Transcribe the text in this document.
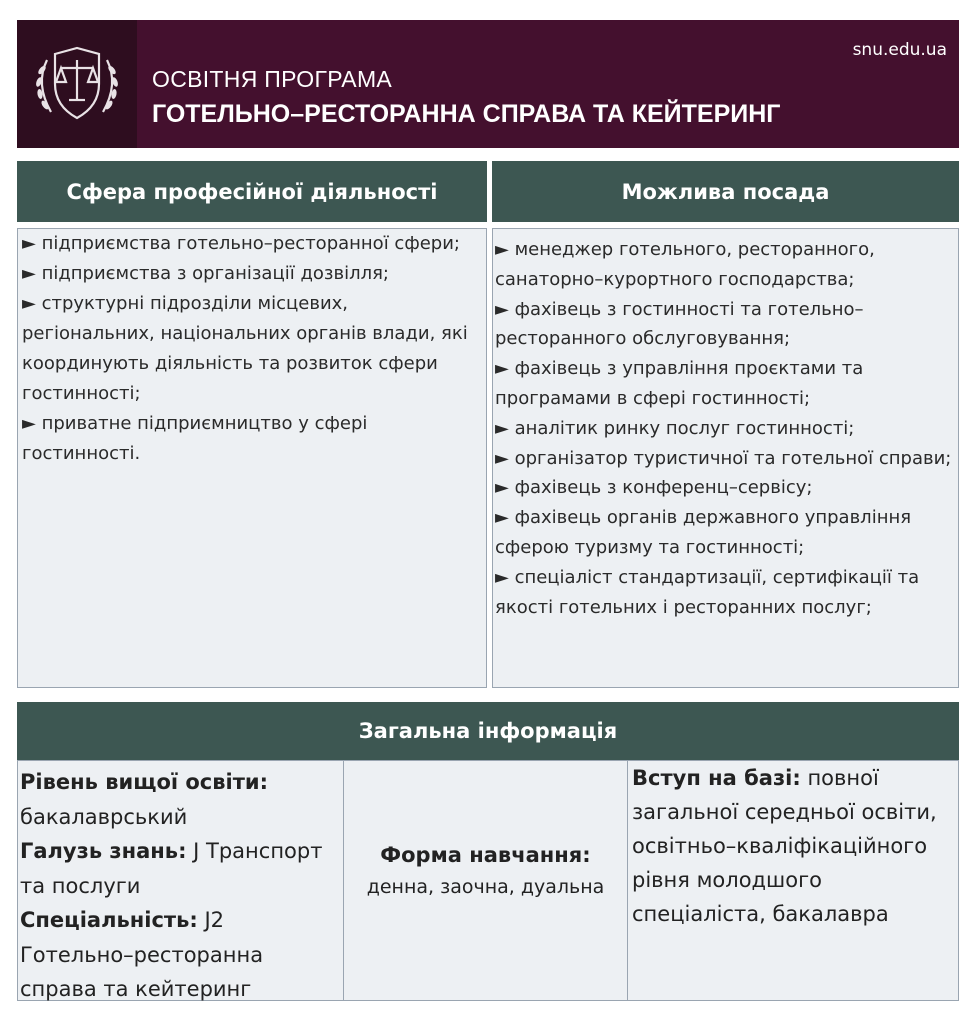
snu.edu.ua
ОСВІТНЯ ПРОГРАМА
ГОТЕЛЬНО–РЕСТОРАННА СПРАВА ТА КЕЙТЕРИНГ
Сфера професійної діяльності	Можлива посада
► підприємства готельно–ресторанної сфери;
► підприємства з організації дозвілля;
► структурні підрозділи місцевих, регіональних, національних органів влади, які координують діяльність та розвиток сфери гостинності;
► приватне підприємництво у сфері гостинності.
► менеджер готельного, ресторанного, санаторно–курортного господарства;
► фахівець з гостинності та готельно–ресторанного обслуговування;
► фахівець з управління проєктами та програмами в сфері гостинності;
► аналітик ринку послуг гостинності;
► організатор туристичної та готельної справи;
► фахівець з конференц–сервісу;
► фахівець органів державного управління сферою туризму та гостинності;
► спеціаліст стандартизації, сертифікації та якості готельних і ресторанних послуг;
Загальна інформація
Рівень вищої освіти:
бакалаврський
Галузь знань: J Транспорт та послуги
Спеціальність: J2 Готельно–ресторанна справа та кейтеринг
Форма навчання:
денна, заочна, дуальна
Вступ на базі: повної загальної середньої освіти, освітньо–кваліфікаційного рівня молодшого спеціаліста, бакалавра
